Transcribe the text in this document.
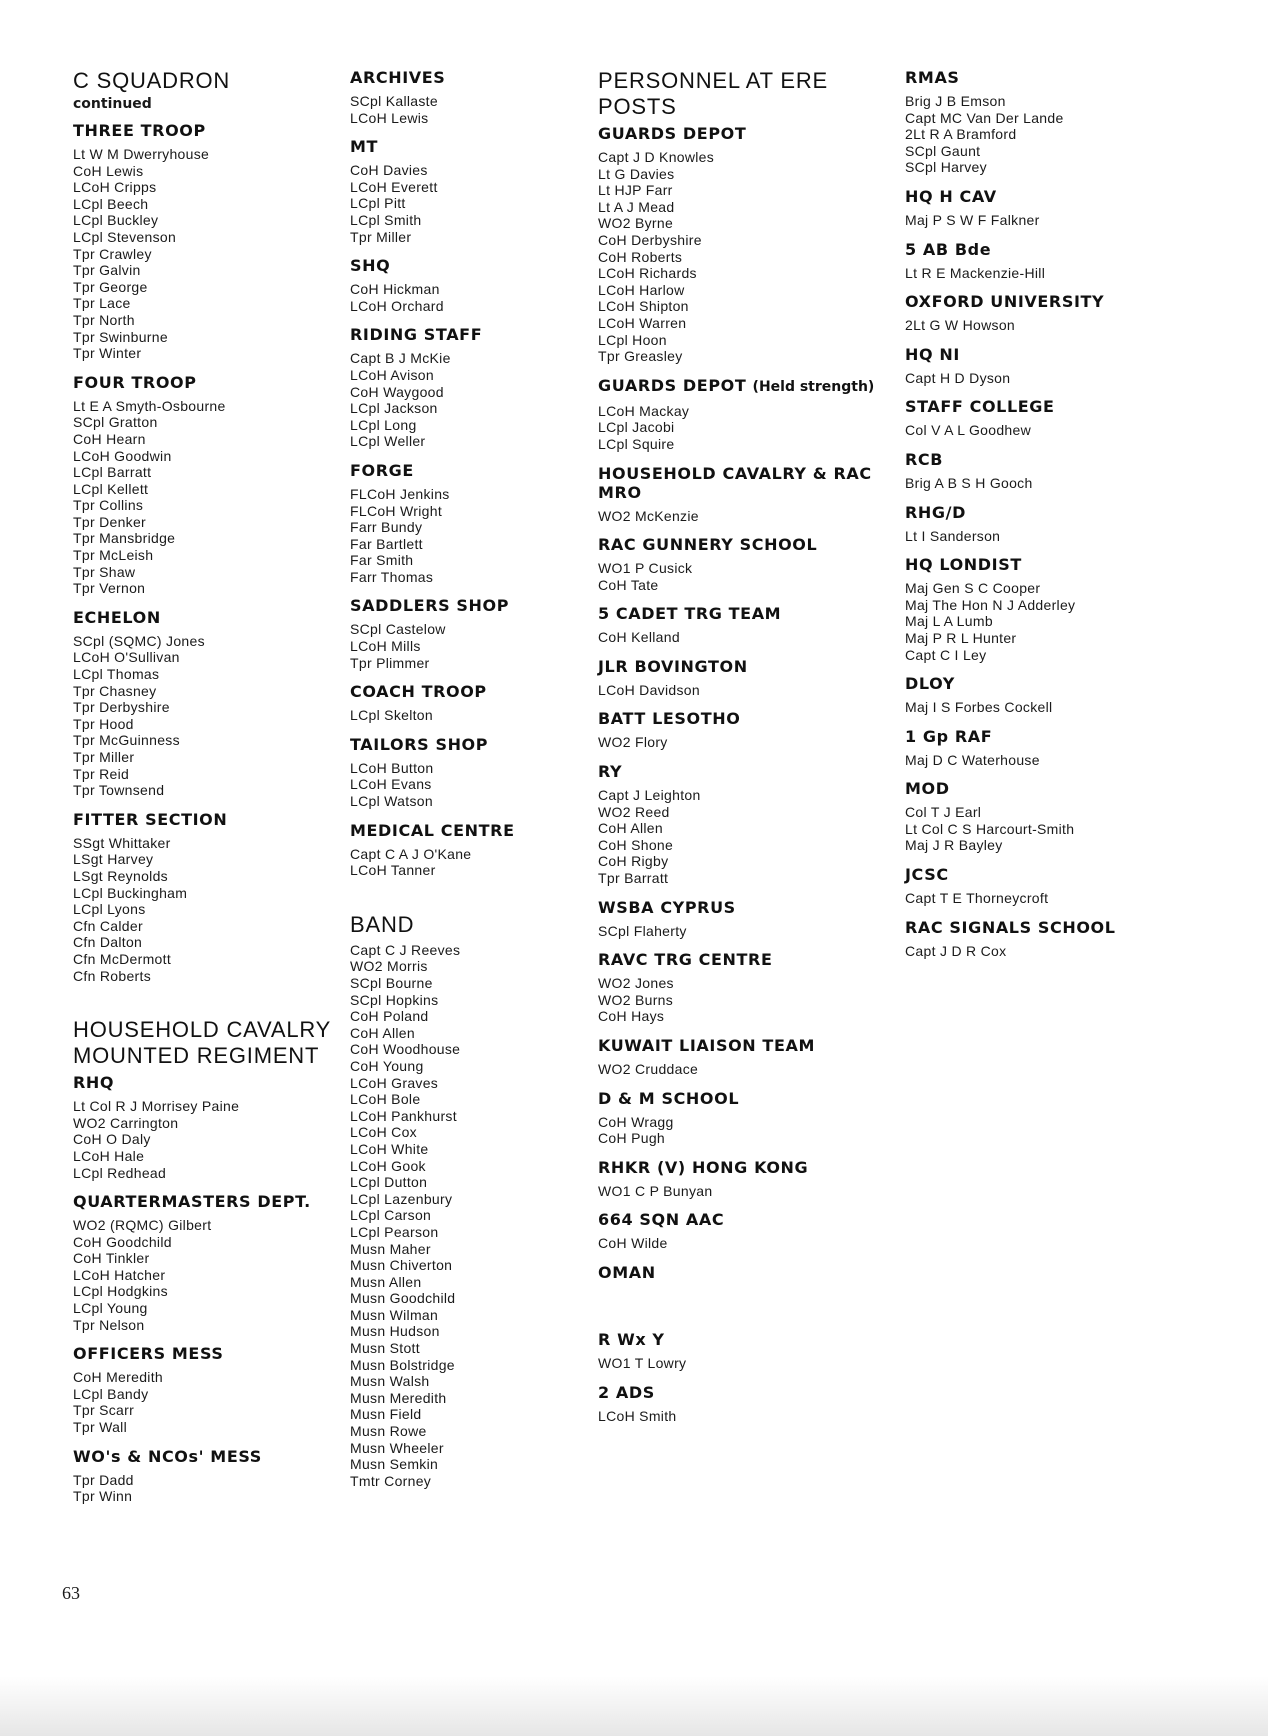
C SQUADRON
continued
THREE TROOP
Lt W M Dwerryhouse
CoH Lewis
LCoH Cripps
LCpl Beech
LCpl Buckley
LCpl Stevenson
Tpr Crawley
Tpr Galvin
Tpr George
Tpr Lace
Tpr North
Tpr Swinburne
Tpr Winter
FOUR TROOP
Lt E A Smyth-Osbourne
SCpl Gratton
CoH Hearn
LCoH Goodwin
LCpl Barratt
LCpl Kellett
Tpr Collins
Tpr Denker
Tpr Mansbridge
Tpr McLeish
Tpr Shaw
Tpr Vernon
ECHELON
SCpl (SQMC) Jones
LCoH O'Sullivan
LCpl Thomas
Tpr Chasney
Tpr Derbyshire
Tpr Hood
Tpr McGuinness
Tpr Miller
Tpr Reid
Tpr Townsend
FITTER SECTION
SSgt Whittaker
LSgt Harvey
LSgt Reynolds
LCpl Buckingham
LCpl Lyons
Cfn Calder
Cfn Dalton
Cfn McDermott
Cfn Roberts
HOUSEHOLD CAVALRY MOUNTED REGIMENT
RHQ
Lt Col R J Morrisey Paine
WO2 Carrington
CoH O Daly
LCoH Hale
LCpl Redhead
QUARTERMASTERS DEPT.
WO2 (RQMC) Gilbert
CoH Goodchild
CoH Tinkler
LCoH Hatcher
LCpl Hodgkins
LCpl Young
Tpr Nelson
OFFICERS MESS
CoH Meredith
LCpl Bandy
Tpr Scarr
Tpr Wall
WO's & NCOs' MESS
Tpr Dadd
Tpr Winn
ARCHIVES
SCpl Kallaste
LCoH Lewis
MT
CoH Davies
LCoH Everett
LCpl Pitt
LCpl Smith
Tpr Miller
SHQ
CoH Hickman
LCoH Orchard
RIDING STAFF
Capt B J McKie
LCoH Avison
CoH Waygood
LCpl Jackson
LCpl Long
LCpl Weller
FORGE
FLCoH Jenkins
FLCoH Wright
Farr Bundy
Far Bartlett
Far Smith
Farr Thomas
SADDLERS SHOP
SCpl Castelow
LCoH Mills
Tpr Plimmer
COACH TROOP
LCpl Skelton
TAILORS SHOP
LCoH Button
LCoH Evans
LCpl Watson
MEDICAL CENTRE
Capt C A J O'Kane
LCoH Tanner
BAND
Capt C J Reeves
WO2 Morris
SCpl Bourne
SCpl Hopkins
CoH Poland
CoH Allen
CoH Woodhouse
CoH Young
LCoH Graves
LCoH Bole
LCoH Pankhurst
LCoH Cox
LCoH White
LCoH Gook
LCpl Dutton
LCpl Lazenbury
LCpl Carson
LCpl Pearson
Musn Maher
Musn Chiverton
Musn Allen
Musn Goodchild
Musn Wilman
Musn Hudson
Musn Stott
Musn Bolstridge
Musn Walsh
Musn Meredith
Musn Field
Musn Rowe
Musn Wheeler
Musn Semkin
Tmtr Corney
PERSONNEL AT ERE POSTS
GUARDS DEPOT
Capt J D Knowles
Lt G Davies
Lt HJP Farr
Lt A J Mead
WO2 Byrne
CoH Derbyshire
CoH Roberts
LCoH Richards
LCoH Harlow
LCoH Shipton
LCoH Warren
LCpl Hoon
Tpr Greasley
GUARDS DEPOT (Held strength)
LCoH Mackay
LCpl Jacobi
LCpl Squire
HOUSEHOLD CAVALRY & RAC MRO
WO2 McKenzie
RAC GUNNERY SCHOOL
WO1 P Cusick
CoH Tate
5 CADET TRG TEAM
CoH Kelland
JLR BOVINGTON
LCoH Davidson
BATT LESOTHO
WO2 Flory
RY
Capt J Leighton
WO2 Reed
CoH Allen
CoH Shone
CoH Rigby
Tpr Barratt
WSBA CYPRUS
SCpl Flaherty
RAVC TRG CENTRE
WO2 Jones
WO2 Burns
CoH Hays
KUWAIT LIAISON TEAM
WO2 Cruddace
D & M SCHOOL
CoH Wragg
CoH Pugh
RHKR (V) HONG KONG
WO1 C P Bunyan
664 SQN AAC
CoH Wilde
OMAN
R Wx Y
WO1 T Lowry
2 ADS
LCoH Smith
RMAS
Brig J B Emson
Capt MC Van Der Lande
2Lt R A Bramford
SCpl Gaunt
SCpl Harvey
HQ H CAV
Maj P S W F Falkner
5 AB Bde
Lt R E Mackenzie-Hill
OXFORD UNIVERSITY
2Lt G W Howson
HQ NI
Capt H D Dyson
STAFF COLLEGE
Col V A L Goodhew
RCB
Brig A B S H Gooch
RHG/D
Lt I Sanderson
HQ LONDIST
Maj Gen S C Cooper
Maj The Hon N J Adderley
Maj L A Lumb
Maj P R L Hunter
Capt C I Ley
DLOY
Maj I S Forbes Cockell
1 Gp RAF
Maj D C Waterhouse
MOD
Col T J Earl
Lt Col C S Harcourt-Smith
Maj J R Bayley
JCSC
Capt T E Thorneycroft
RAC SIGNALS SCHOOL
Capt J D R Cox
63
